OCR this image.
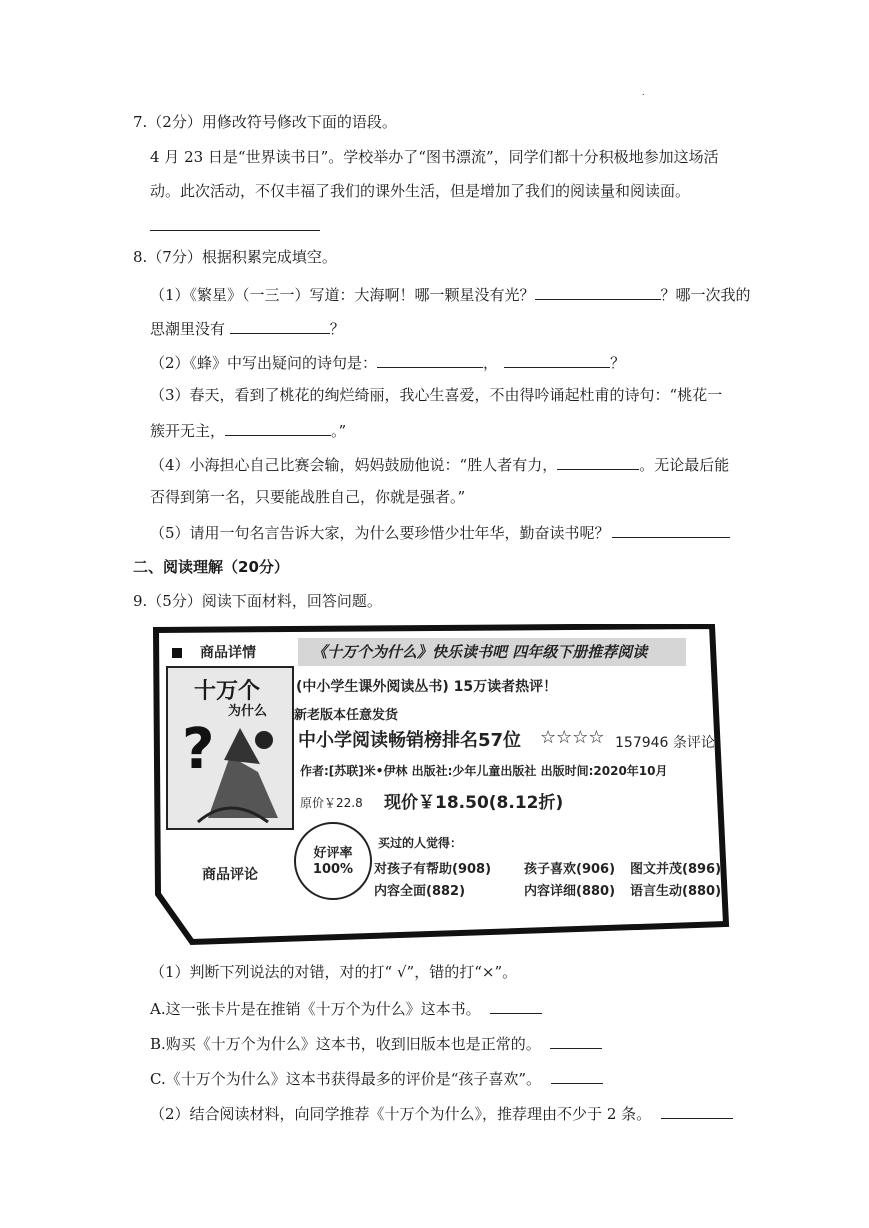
.
7.（2分）用修改符号修改下面的语段。
4 月 23 日是“世界读书日”。学校举办了“图书漂流”，同学们都十分积极地参加这场活
动。此次活动，不仅丰福了我们的课外生活，但是增加了我们的阅读量和阅读面。
8.（7分）根据积累完成填空。
（1）《繁星》（一三一）写道：大海啊！哪一颗星没有光？	？哪一次我的
思潮里没有	？
（2）《蜂》中写出疑问的诗句是：	，	？
（3）春天，看到了桃花的绚烂绮丽，我心生喜爱，不由得吟诵起杜甫的诗句：“桃花一
簇开无主，	。”
（4）小海担心自己比赛会输，妈妈鼓励他说：“胜人者有力，	。无论最后能
否得到第一名，只要能战胜自己，你就是强者。”
（5）请用一句名言告诉大家，为什么要珍惜少壮年华，勤奋读书呢？
二、阅读理解（20分）
9.（5分）阅读下面材料，回答问题。
商品详情	《十万个为什么》快乐读书吧 四年级下册推荐阅读
十万个
为什么
?
(中小学生课外阅读丛书) 15万读者热评！
新老版本任意发货
中小学阅读畅销榜排名57位 ☆☆☆☆ 157946 条评论
作者:[苏联]米•伊林 出版社:少年儿童出版社 出版时间:2020年10月
原价￥22.8 现价￥18.50(8.12折)
商品评论
好评率
100%
买过的人觉得：
对孩子有帮助(908)	孩子喜欢(906) 图文并茂(896)
内容全面(882)	内容详细(880) 语言生动(880)
（1）判断下列说法的对错，对的打“ √”，错的打“×”。
A.这一张卡片是在推销《十万个为什么》这本书。
B.购买《十万个为什么》这本书，收到旧版本也是正常的。
C.《十万个为什么》这本书获得最多的评价是“孩子喜欢”。
（2）结合阅读材料，向同学推荐《十万个为什么》，推荐理由不少于 2 条。
